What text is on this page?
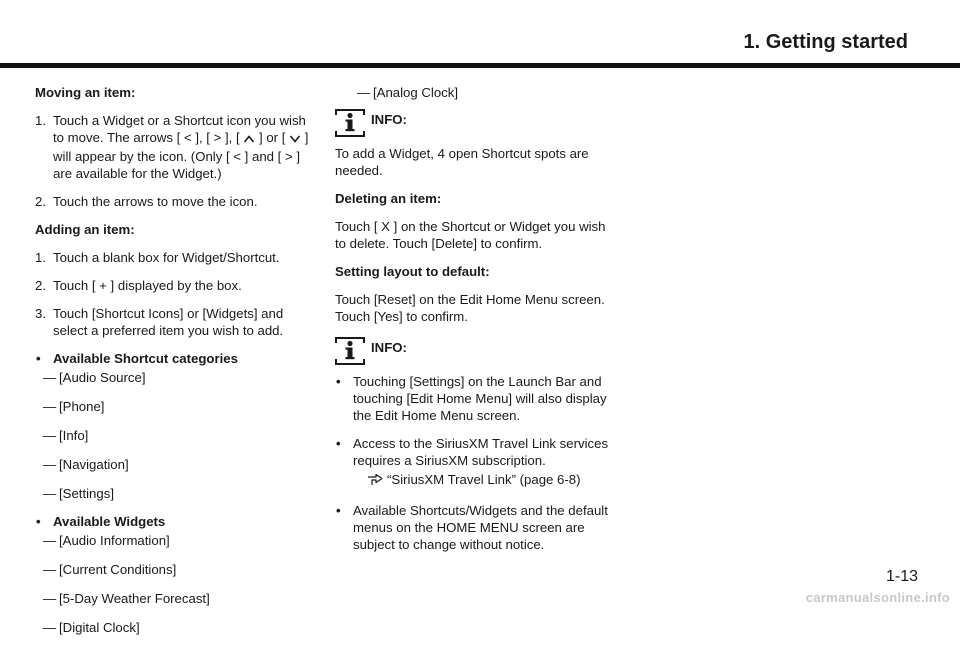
1. Getting started
Moving an item:
1. Touch a Widget or a Shortcut icon you wish to move. The arrows [ < ], [ > ], [ ] or [ ] will appear by the icon. (Only [ < ] and [ > ] are available for the Widget.)
2. Touch the arrows to move the icon.
Adding an item:
1. Touch a blank box for Widget/Shortcut.
2. Touch [ + ] displayed by the box.
3. Touch [Shortcut Icons] or [Widgets] and select a preferred item you wish to add.
• Available Shortcut categories
— [Audio Source]
— [Phone]
— [Info]
— [Navigation]
— [Settings]
• Available Widgets
— [Audio Information]
— [Current Conditions]
— [5-Day Weather Forecast]
— [Digital Clock]
— [Analog Clock]
INFO:
To add a Widget, 4 open Shortcut spots are needed.
Deleting an item:
Touch [ X ] on the Shortcut or Widget you wish to delete. Touch [Delete] to confirm.
Setting layout to default:
Touch [Reset] on the Edit Home Menu screen. Touch [Yes] to confirm.
INFO:
• Touching [Settings] on the Launch Bar and touching [Edit Home Menu] will also display the Edit Home Menu screen.
• Access to the SiriusXM Travel Link services requires a SiriusXM subscription.
“SiriusXM Travel Link” (page 6-8)
• Available Shortcuts/Widgets and the default menus on the HOME MENU screen are subject to change without notice.
1-13
carmanualsonline.info
